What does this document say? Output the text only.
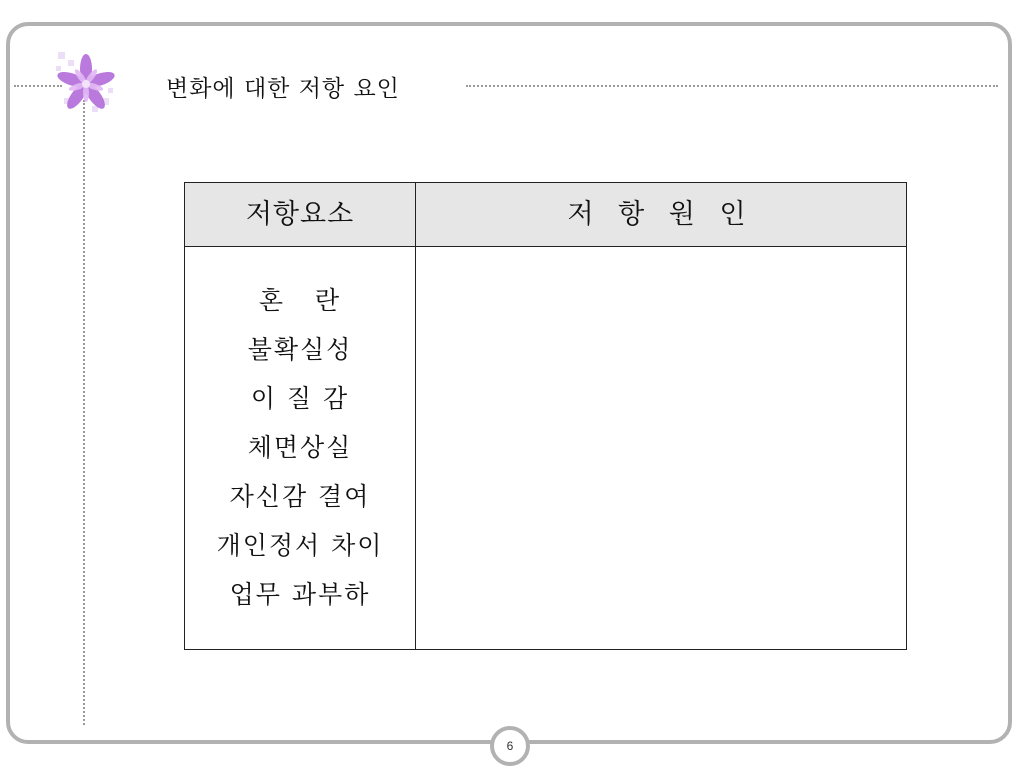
변화에 대한 저항 요인
저항요소	저 항 원 인
혼   란
불확실성
이 질 감
체면상실
자신감 결여
개인정서 차이
업무 과부하
6
